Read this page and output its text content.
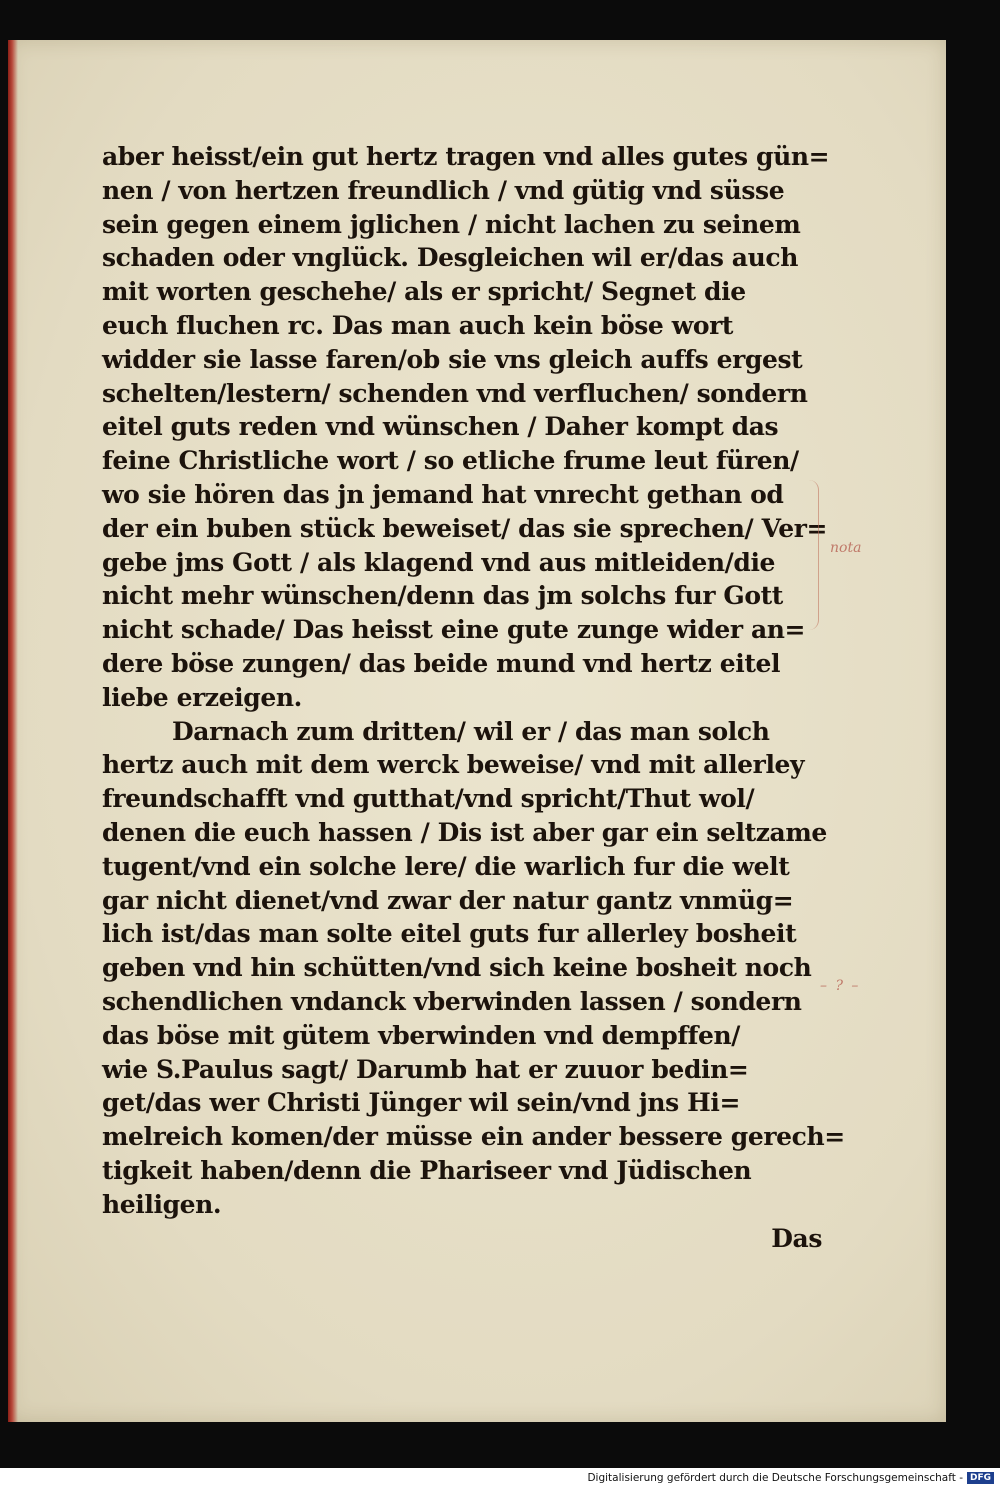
aber heisst/ein gut hertz tragen vnd alles gutes gün=
nen / von hertzen freundlich / vnd gütig vnd süsse
sein gegen einem jglichen / nicht lachen zu seinem
schaden oder vnglück. Desgleichen wil er/das auch
mit worten geschehe/ als er spricht/ Segnet die
euch fluchen rc. Das man auch kein böse wort
widder sie lasse faren/ob sie vns gleich auffs ergest
schelten/lestern/ schenden vnd verfluchen/ sondern
eitel guts reden vnd wünschen / Daher kompt das
feine Christliche wort / so etliche frume leut füren/
wo sie hören das jn jemand hat vnrecht gethan od
der ein buben stück beweiset/ das sie sprechen/ Ver=
gebe jms Gott / als klagend vnd aus mitleiden/die
nicht mehr wünschen/denn das jm solchs fur Gott
nicht schade/ Das heisst eine gute zunge wider an=
dere böse zungen/ das beide mund vnd hertz eitel
liebe erzeigen.
Darnach zum dritten/ wil er / das man solch
hertz auch mit dem werck beweise/ vnd mit allerley
freundschafft vnd gutthat/vnd spricht/Thut wol/
denen die euch hassen / Dis ist aber gar ein seltzame
tugent/vnd ein solche lere/ die warlich fur die welt
gar nicht dienet/vnd zwar der natur gantz vnmüg=
lich ist/das man solte eitel guts fur allerley bosheit
geben vnd hin schütten/vnd sich keine bosheit noch
schendlichen vndanck vberwinden lassen / sondern
das böse mit gütem vberwinden vnd dempffen/
wie S.Paulus sagt/ Darumb hat er zuuor bedin=
get/das wer Christi Jünger wil sein/vnd jns Hi=
melreich komen/der müsse ein ander bessere gerech=
tigkeit haben/denn die Phariseer vnd Jüdischen
heiligen.
Das
nota
– ? –
Digitalisierung gefördert durch die Deutsche Forschungsgemeinschaft - DFG
